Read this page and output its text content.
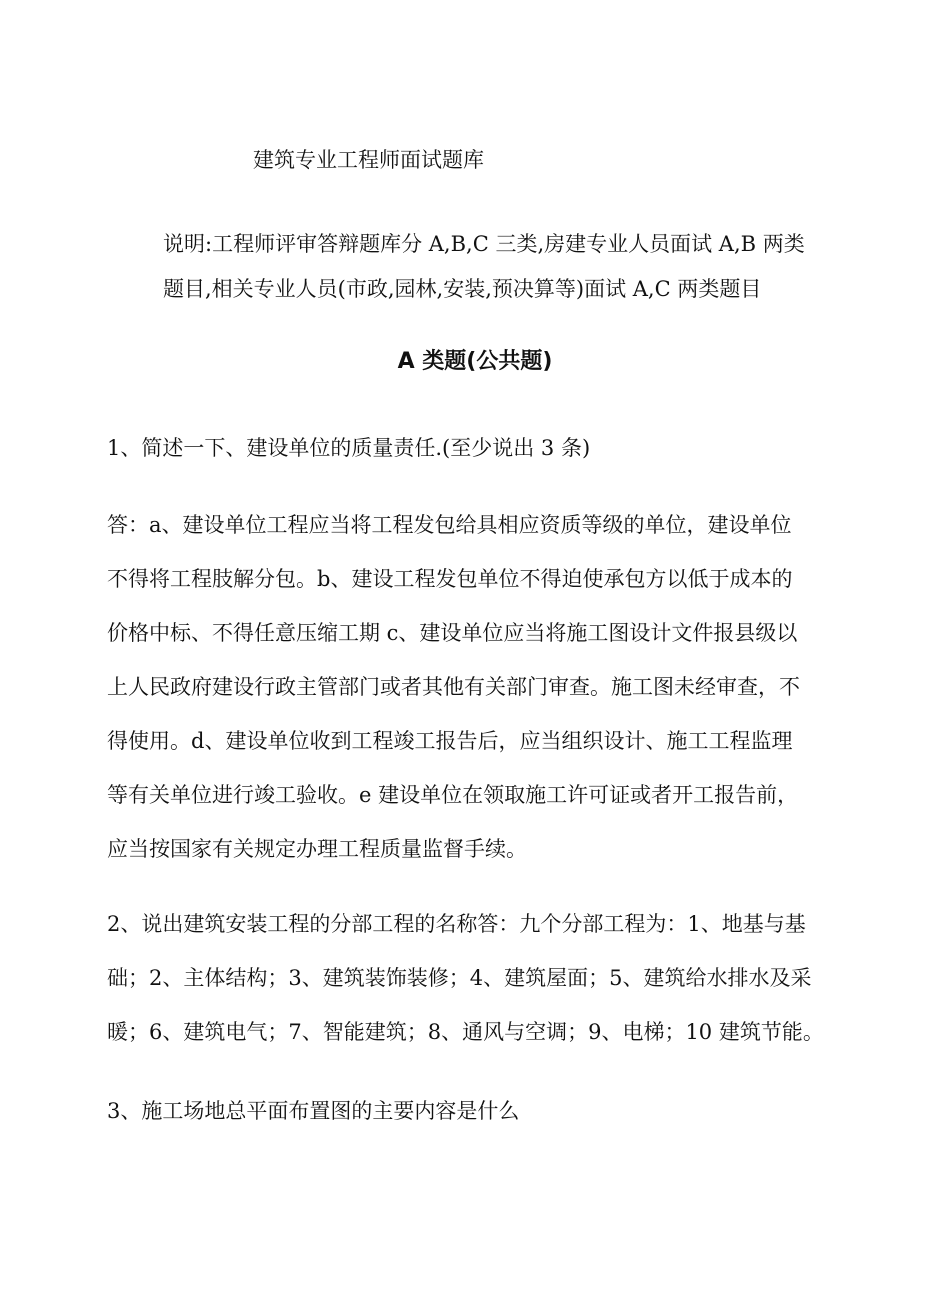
建筑专业工程师面试题库
说明:工程师评审答辩题库分 A,B,C 三类,房建专业人员面试 A,B 两类
题目,相关专业人员(市政,园林,安装,预决算等)面试 A,C 两类题目
A 类题(公共题)
1、简述一下、建设单位的质量责任.(至少说出 3 条)
答：a、建设单位工程应当将工程发包给具相应资质等级的单位，建设单位
不得将工程肢解分包。b、建设工程发包单位不得迫使承包方以低于成本的
价格中标、不得任意压缩工期 c、建设单位应当将施工图设计文件报县级以
上人民政府建设行政主管部门或者其他有关部门审查。施工图未经审查，不
得使用。d、建设单位收到工程竣工报告后，应当组织设计、施工工程监理
等有关单位进行竣工验收。e 建设单位在领取施工许可证或者开工报告前，
应当按国家有关规定办理工程质量监督手续。
2、说出建筑安装工程的分部工程的名称答：九个分部工程为：1、地基与基
础；2、主体结构；3、建筑装饰装修；4、建筑屋面；5、建筑给水排水及采
暖；6、建筑电气；7、智能建筑；8、通风与空调；9、电梯；10 建筑节能。
3、施工场地总平面布置图的主要内容是什么
